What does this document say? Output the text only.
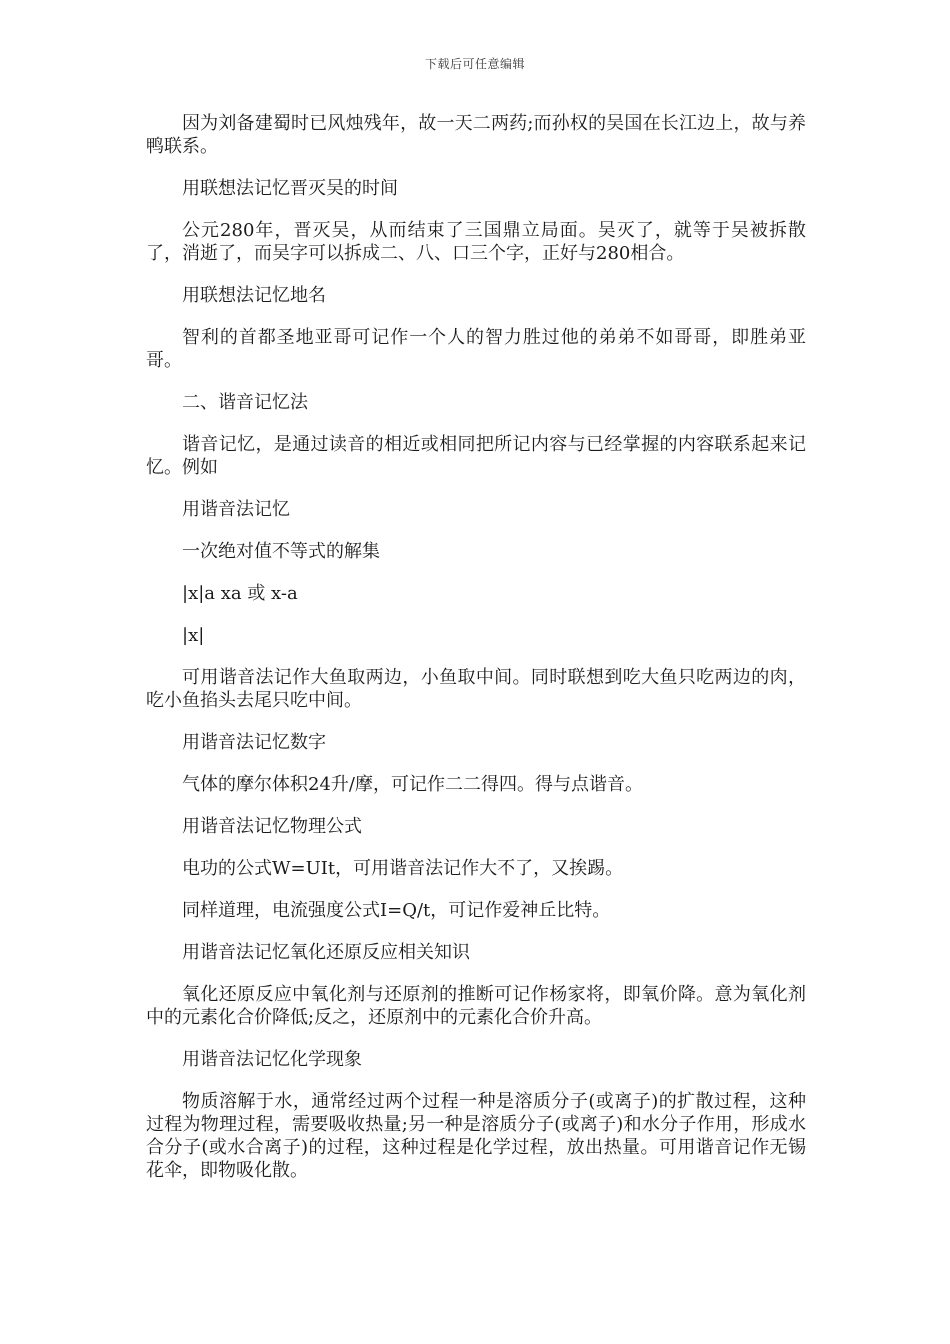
下载后可任意编辑

因为刘备建蜀时已风烛残年，故一天二两药;而孙权的吴国在长江边上，故与养鸭联系。

用联想法记忆晋灭吴的时间

公元280年，晋灭吴，从而结束了三国鼎立局面。吴灭了，就等于吴被拆散了，消逝了，而吴字可以拆成二、八、口三个字，正好与280相合。

用联想法记忆地名

智利的首都圣地亚哥可记作一个人的智力胜过他的弟弟不如哥哥，即胜弟亚哥。

二、谐音记忆法

谐音记忆，是通过读音的相近或相同把所记内容与已经掌握的内容联系起来记忆。例如

用谐音法记忆

一次绝对值不等式的解集

|x|a xa 或 x-a

|x|

可用谐音法记作大鱼取两边，小鱼取中间。同时联想到吃大鱼只吃两边的肉，吃小鱼掐头去尾只吃中间。

用谐音法记忆数字

气体的摩尔体积24升/摩，可记作二二得四。得与点谐音。

用谐音法记忆物理公式

电功的公式W=UIt，可用谐音法记作大不了，又挨踢。

同样道理，电流强度公式I=Q/t，可记作爱神丘比特。

用谐音法记忆氧化还原反应相关知识

氧化还原反应中氧化剂与还原剂的推断可记作杨家将，即氧价降。意为氧化剂中的元素化合价降低;反之，还原剂中的元素化合价升高。

用谐音法记忆化学现象

物质溶解于水，通常经过两个过程一种是溶质分子(或离子)的扩散过程，这种过程为物理过程，需要吸收热量;另一种是溶质分子(或离子)和水分子作用，形成水合分子(或水合离子)的过程，这种过程是化学过程，放出热量。可用谐音记作无锡花伞，即物吸化散。
